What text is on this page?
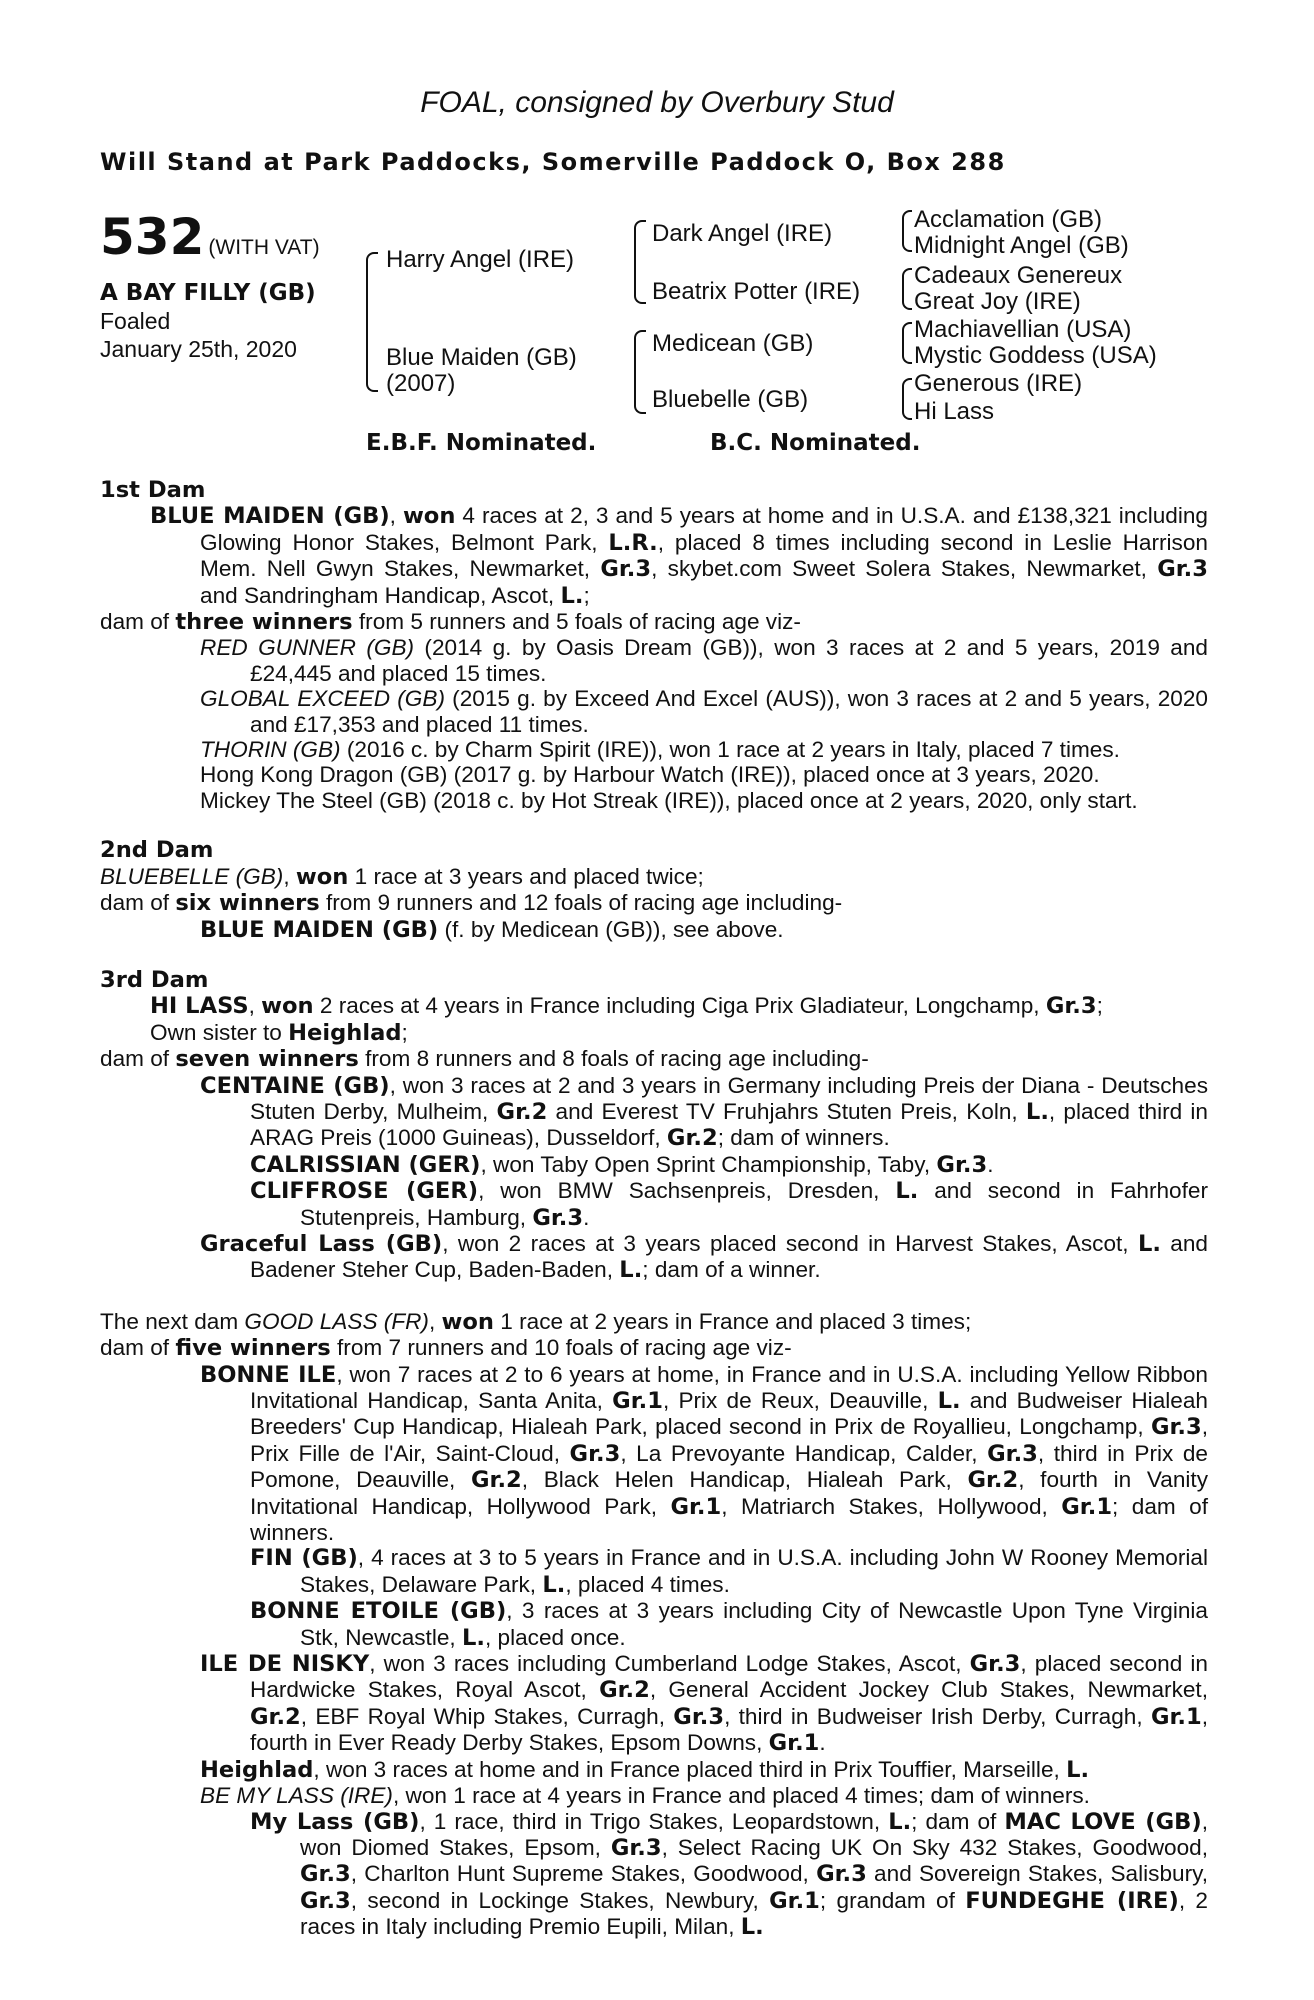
FOAL, consigned by Overbury Stud
Will Stand at Park Paddocks, Somerville Paddock O, Box 288
532 (WITH VAT)
A BAY FILLY (GB)
Foaled
January 25th, 2020
Harry Angel (IRE)
Blue Maiden (GB)
(2007)
Dark Angel (IRE)
Beatrix Potter (IRE)
Medicean (GB)
Bluebelle (GB)
Acclamation (GB)
Midnight Angel (GB)
Cadeaux Genereux
Great Joy (IRE)
Machiavellian (USA)
Mystic Goddess (USA)
Generous (IRE)
Hi Lass
E.B.F. Nominated.	B.C. Nominated.

1st Dam

BLUE MAIDEN (GB), won 4 races at 2, 3 and 5 years at home and in U.S.A. and £138,321 including Glowing Honor Stakes, Belmont Park, L.R., placed 8 times including second in Leslie Harrison Mem. Nell Gwyn Stakes, Newmarket, Gr.3, skybet.com Sweet Solera Stakes, Newmarket, Gr.3 and Sandringham Handicap, Ascot, L.;

dam of three winners from 5 runners and 5 foals of racing age viz-

RED GUNNER (GB) (2014 g. by Oasis Dream (GB)), won 3 races at 2 and 5 years, 2019 and £24,445 and placed 15 times.

GLOBAL EXCEED (GB) (2015 g. by Exceed And Excel (AUS)), won 3 races at 2 and 5 years, 2020 and £17,353 and placed 11 times.

THORIN (GB) (2016 c. by Charm Spirit (IRE)), won 1 race at 2 years in Italy, placed 7 times.

Hong Kong Dragon (GB) (2017 g. by Harbour Watch (IRE)), placed once at 3 years, 2020.

Mickey The Steel (GB) (2018 c. by Hot Streak (IRE)), placed once at 2 years, 2020, only start.

2nd Dam

BLUEBELLE (GB), won 1 race at 3 years and placed twice;

dam of six winners from 9 runners and 12 foals of racing age including-

BLUE MAIDEN (GB) (f. by Medicean (GB)), see above.

3rd Dam

HI LASS, won 2 races at 4 years in France including Ciga Prix Gladiateur, Longchamp, Gr.3;

Own sister to Heighlad;

dam of seven winners from 8 runners and 8 foals of racing age including-

CENTAINE (GB), won 3 races at 2 and 3 years in Germany including Preis der Diana - Deutsches Stuten Derby, Mulheim, Gr.2 and Everest TV Fruhjahrs Stuten Preis, Koln, L., placed third in ARAG Preis (1000 Guineas), Dusseldorf, Gr.2; dam of winners.

CALRISSIAN (GER), won Taby Open Sprint Championship, Taby, Gr.3.

CLIFFROSE (GER), won BMW Sachsenpreis, Dresden, L. and second in Fahrhofer Stutenpreis, Hamburg, Gr.3.

Graceful Lass (GB), won 2 races at 3 years placed second in Harvest Stakes, Ascot, L. and Badener Steher Cup, Baden-Baden, L.; dam of a winner.

The next dam GOOD LASS (FR), won 1 race at 2 years in France and placed 3 times;

dam of five winners from 7 runners and 10 foals of racing age viz-

BONNE ILE, won 7 races at 2 to 6 years at home, in France and in U.S.A. including Yellow Ribbon Invitational Handicap, Santa Anita, Gr.1, Prix de Reux, Deauville, L. and Budweiser Hialeah Breeders' Cup Handicap, Hialeah Park, placed second in Prix de Royallieu, Longchamp, Gr.3, Prix Fille de l'Air, Saint-Cloud, Gr.3, La Prevoyante Handicap, Calder, Gr.3, third in Prix de Pomone, Deauville, Gr.2, Black Helen Handicap, Hialeah Park, Gr.2, fourth in Vanity Invitational Handicap, Hollywood Park, Gr.1, Matriarch Stakes, Hollywood, Gr.1; dam of winners.

FIN (GB), 4 races at 3 to 5 years in France and in U.S.A. including John W Rooney Memorial Stakes, Delaware Park, L., placed 4 times.

BONNE ETOILE (GB), 3 races at 3 years including City of Newcastle Upon Tyne Virginia Stk, Newcastle, L., placed once.

ILE DE NISKY, won 3 races including Cumberland Lodge Stakes, Ascot, Gr.3, placed second in Hardwicke Stakes, Royal Ascot, Gr.2, General Accident Jockey Club Stakes, Newmarket, Gr.2, EBF Royal Whip Stakes, Curragh, Gr.3, third in Budweiser Irish Derby, Curragh, Gr.1, fourth in Ever Ready Derby Stakes, Epsom Downs, Gr.1.

Heighlad, won 3 races at home and in France placed third in Prix Touffier, Marseille, L.

BE MY LASS (IRE), won 1 race at 4 years in France and placed 4 times; dam of winners.

My Lass (GB), 1 race, third in Trigo Stakes, Leopardstown, L.; dam of MAC LOVE (GB), won Diomed Stakes, Epsom, Gr.3, Select Racing UK On Sky 432 Stakes, Goodwood, Gr.3, Charlton Hunt Supreme Stakes, Goodwood, Gr.3 and Sovereign Stakes, Salisbury, Gr.3, second in Lockinge Stakes, Newbury, Gr.1; grandam of FUNDEGHE (IRE), 2 races in Italy including Premio Eupili, Milan, L.
